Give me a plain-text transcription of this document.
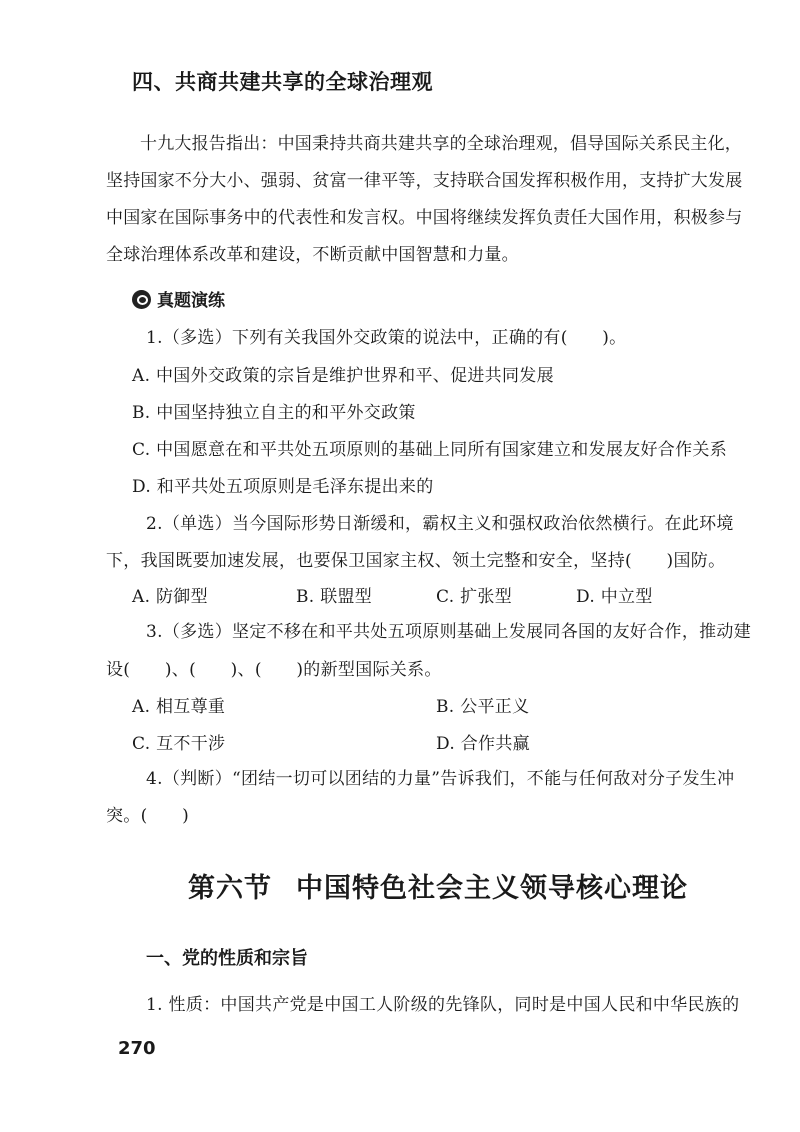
四、共商共建共享的全球治理观
十九大报告指出：中国秉持共商共建共享的全球治理观，倡导国际关系民主化，坚持国家不分大小、强弱、贫富一律平等，支持联合国发挥积极作用，支持扩大发展中国家在国际事务中的代表性和发言权。中国将继续发挥负责任大国作用，积极参与全球治理体系改革和建设，不断贡献中国智慧和力量。
真题演练
1.（多选）下列有关我国外交政策的说法中，正确的有(　　)。
A. 中国外交政策的宗旨是维护世界和平、促进共同发展
B. 中国坚持独立自主的和平外交政策
C. 中国愿意在和平共处五项原则的基础上同所有国家建立和发展友好合作关系
D. 和平共处五项原则是毛泽东提出来的
2.（单选）当今国际形势日渐缓和，霸权主义和强权政治依然横行。在此环境
下，我国既要加速发展，也要保卫国家主权、领土完整和安全，坚持(　　)国防。
A. 防御型	B. 联盟型	C. 扩张型	D. 中立型
3.（多选）坚定不移在和平共处五项原则基础上发展同各国的友好合作，推动建
设(　　)、(　　)、(　　)的新型国际关系。
A. 相互尊重	B. 公平正义
C. 互不干涉	D. 合作共赢
4.（判断）“团结一切可以团结的力量”告诉我们，不能与任何敌对分子发生冲
突。(　　)
第六节 中国特色社会主义领导核心理论
一、党的性质和宗旨
1. 性质：中国共产党是中国工人阶级的先锋队，同时是中国人民和中华民族的
270
